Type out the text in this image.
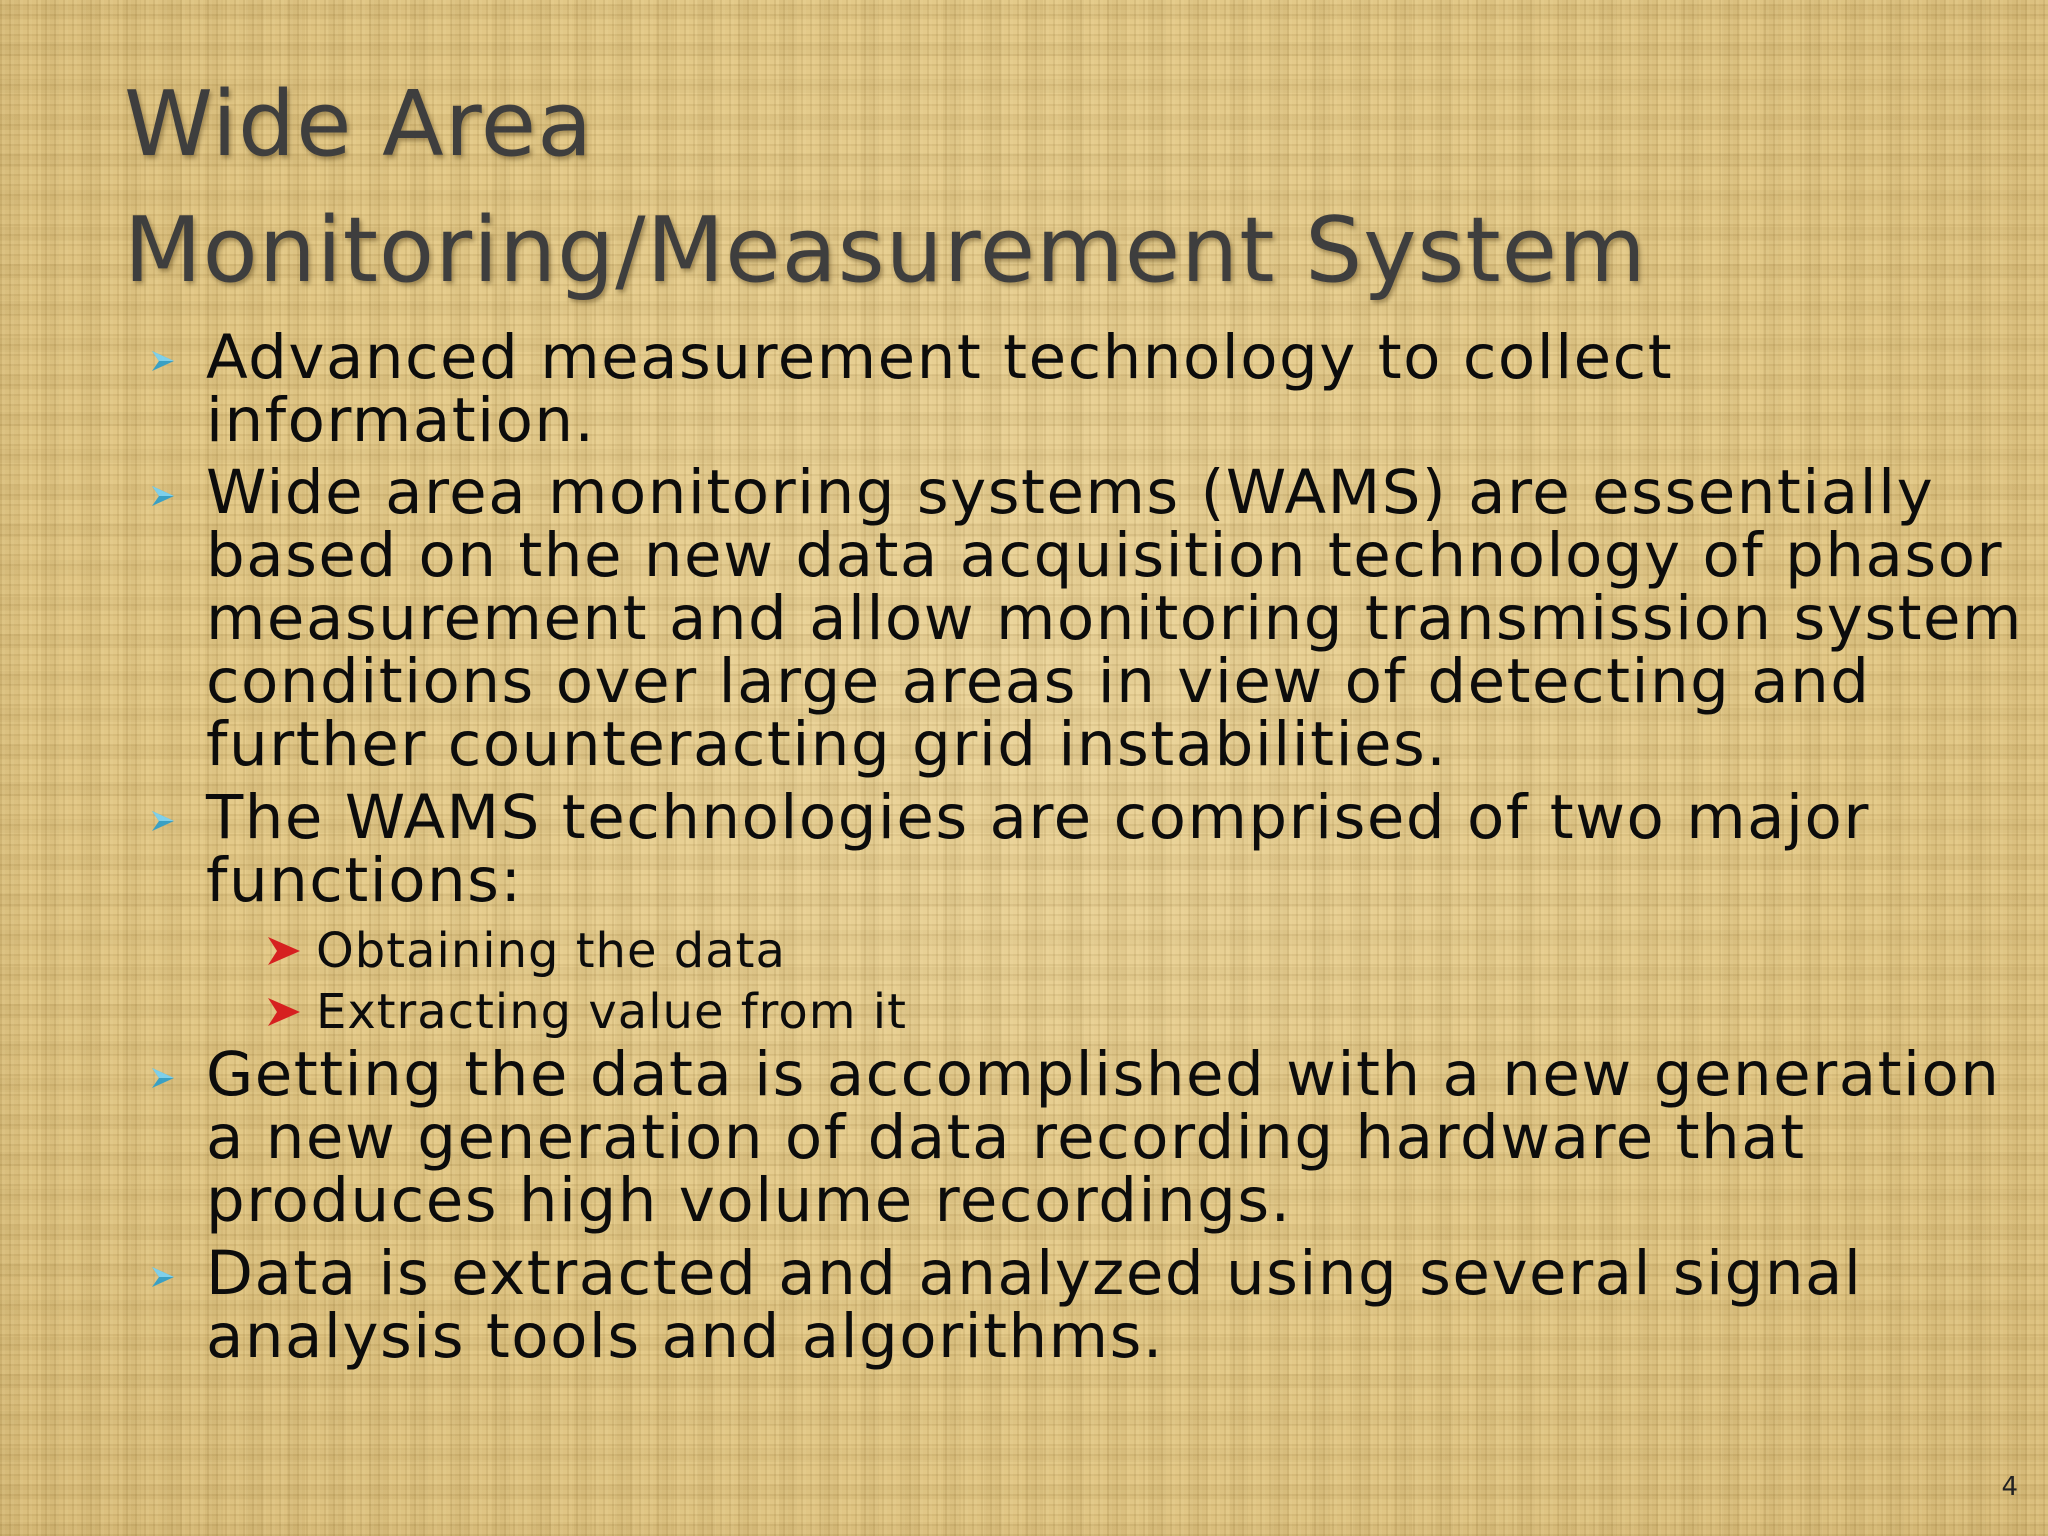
Wide Area
Monitoring/Measurement System
Advanced measurement technology to collect
information.
Wide area monitoring systems (WAMS) are essentially
based on the new data acquisition technology of phasor
measurement and allow monitoring transmission system
conditions over large areas in view of detecting and
further counteracting grid instabilities.
The WAMS technologies are comprised of two major
functions:
Obtaining the data
Extracting value from it
Getting the data is accomplished with a new generation
a new generation of data recording hardware that
produces high volume recordings.
Data is extracted and analyzed using several signal
analysis tools and algorithms.
4
